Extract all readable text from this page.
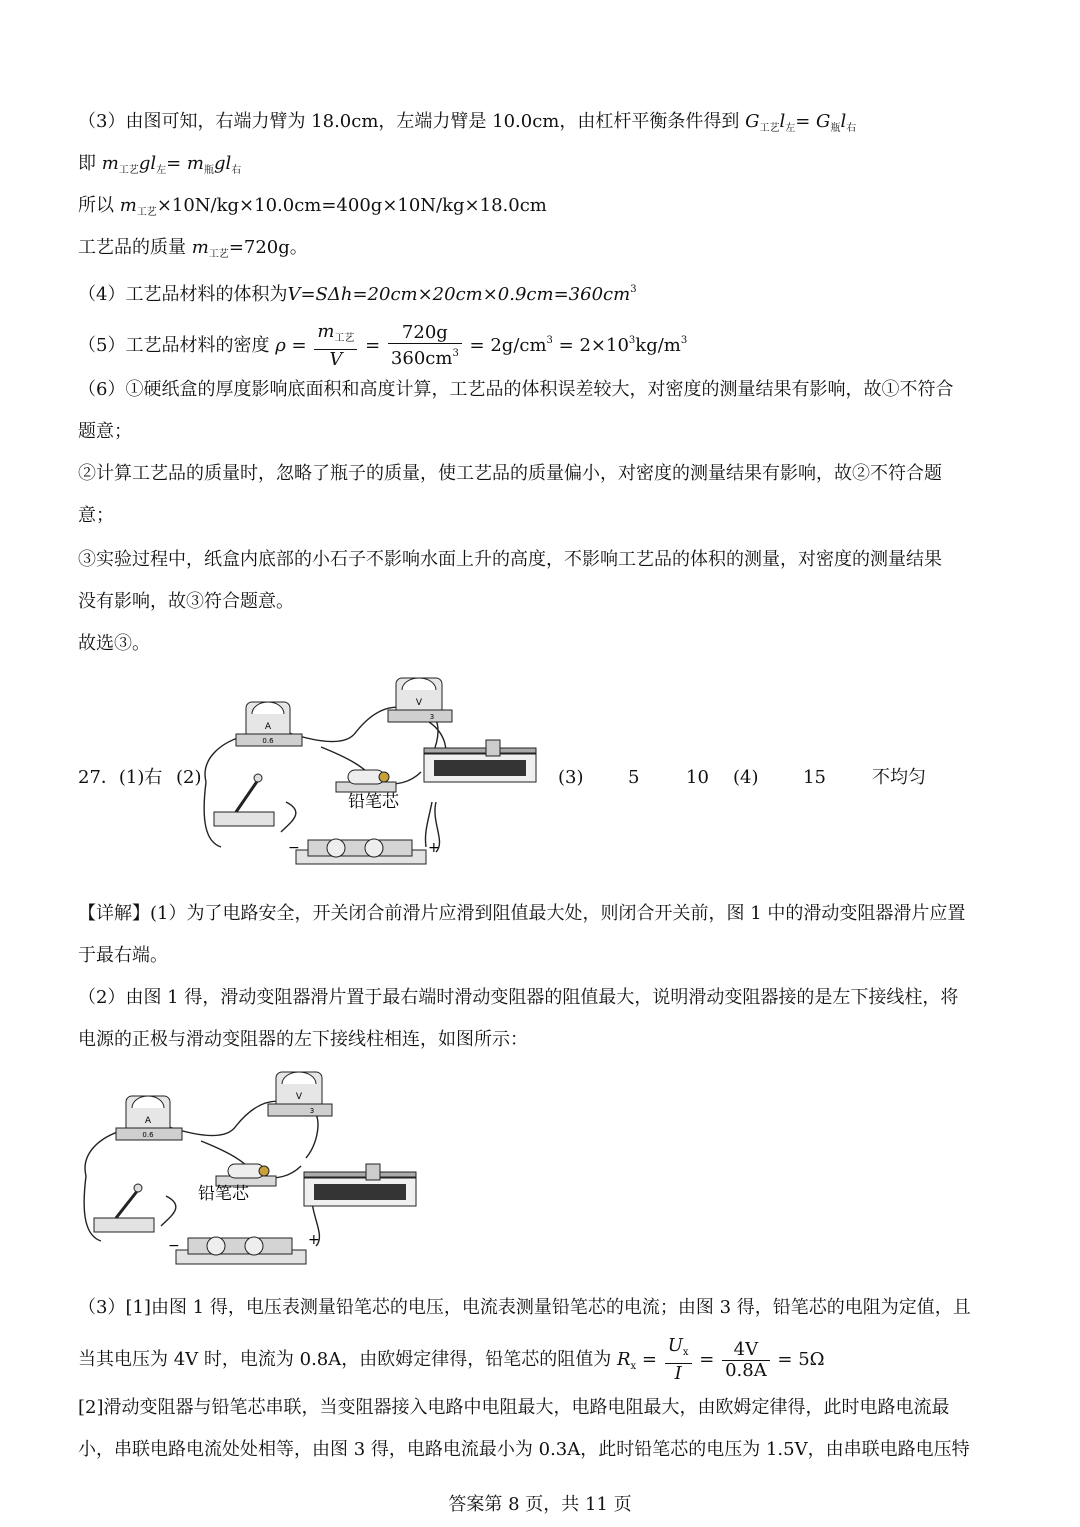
（3）由图可知，右端力臂为 18.0cm，左端力臂是 10.0cm，由杠杆平衡条件得到 $G_{工艺}l_左= G_瓶l_右$
即 $m_{工艺}gl_左= m_瓶gl_右$
所以 $m_{工艺}\times 10N/kg\times 10.0cm=400g\times 10N/kg\times 18.0cm$
工艺品的质量 $m_{工艺}=720g$。
（4）工艺品材料的体积为$V=S\Delta h=20cm\times 20cm\times 0.9cm=360cm^3$
（5）工艺品材料的密度 $\rho = \frac{m_{工艺}}{V} = \frac{720g}{360cm^3} = 2g/cm^3 = 2\times 10^3kg/m^3$
（6）①硬纸盒的厚度影响底面积和高度计算，工艺品的体积误差较大，对密度的测量结果有影响，故①不符合
题意；
②计算工艺品的质量时，忽略了瓶子的质量，使工艺品的质量偏小，对密度的测量结果有影响，故②不符合题
意；
③实验过程中，纸盒内底部的小石子不影响水面上升的高度，不影响工艺品的体积的测量，对密度的测量结果
没有影响，故③符合题意。
故选③。
27．(1)右 (2)	(3) 5	10 (4) 15	不均匀
A
0.6
V
3
铅笔芯
−	+
【详解】(1）为了电路安全，开关闭合前滑片应滑到阻值最大处，则闭合开关前，图 1 中的滑动变阻器滑片应置
于最右端。
（2）由图 1 得，滑动变阻器滑片置于最右端时滑动变阻器的阻值最大，说明滑动变阻器接的是左下接线柱，将
电源的正极与滑动变阻器的左下接线柱相连，如图所示：
A
0.6
V
3
铅笔芯
−	+
（3）[1]由图 1 得，电压表测量铅笔芯的电压，电流表测量铅笔芯的电流；由图 3 得，铅笔芯的电阻为定值，且
当其电压为 4V 时，电流为 0.8A，由欧姆定律得，铅笔芯的阻值为 $R_x = \frac{U_x}{I} = \frac{4V}{0.8A} = 5\Omega$
[2]滑动变阻器与铅笔芯串联，当变阻器接入电路中电阻最大，电路电阻最大，由欧姆定律得，此时电路电流最
小，串联电路电流处处相等，由图 3 得，电路电流最小为 0.3A，此时铅笔芯的电压为 1.5V，由串联电路电压特
答案第 8 页，共 11 页
